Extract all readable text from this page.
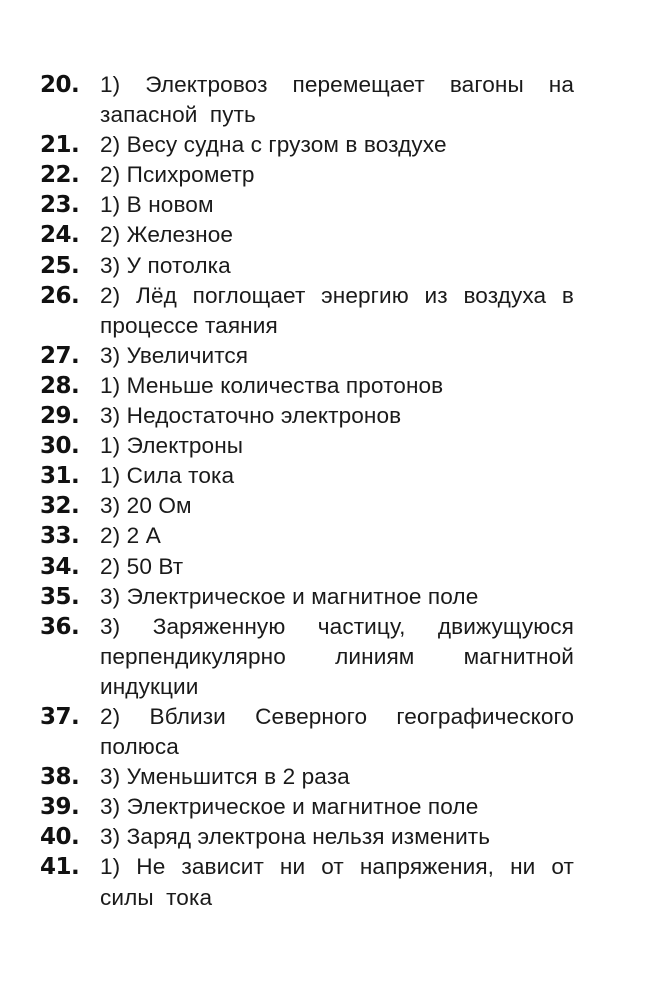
20. 1) Электровоз перемещает вагоны на запасной путь
21. 2) Весу судна с грузом в воздухе
22. 2) Психрометр
23. 1) В новом
24. 2) Железное
25. 3) У потолка
26. 2) Лёд поглощает энергию из воздуха в процессе таяния
27. 3) Увеличится
28. 1) Меньше количества протонов
29. 3) Недостаточно электронов
30. 1) Электроны
31. 1) Сила тока
32. 3) 20 Ом
33. 2) 2 А
34. 2) 50 Вт
35. 3) Электрическое и магнитное поле
36. 3) Заряженную частицу, движущуюся перпендикулярно линиям магнитной индукции
37. 2) Вблизи Северного географического полюса
38. 3) Уменьшится в 2 раза
39. 3) Электрическое и магнитное поле
40. 3) Заряд электрона нельзя изменить
41. 1) Не зависит ни от напряжения, ни от силы тока
